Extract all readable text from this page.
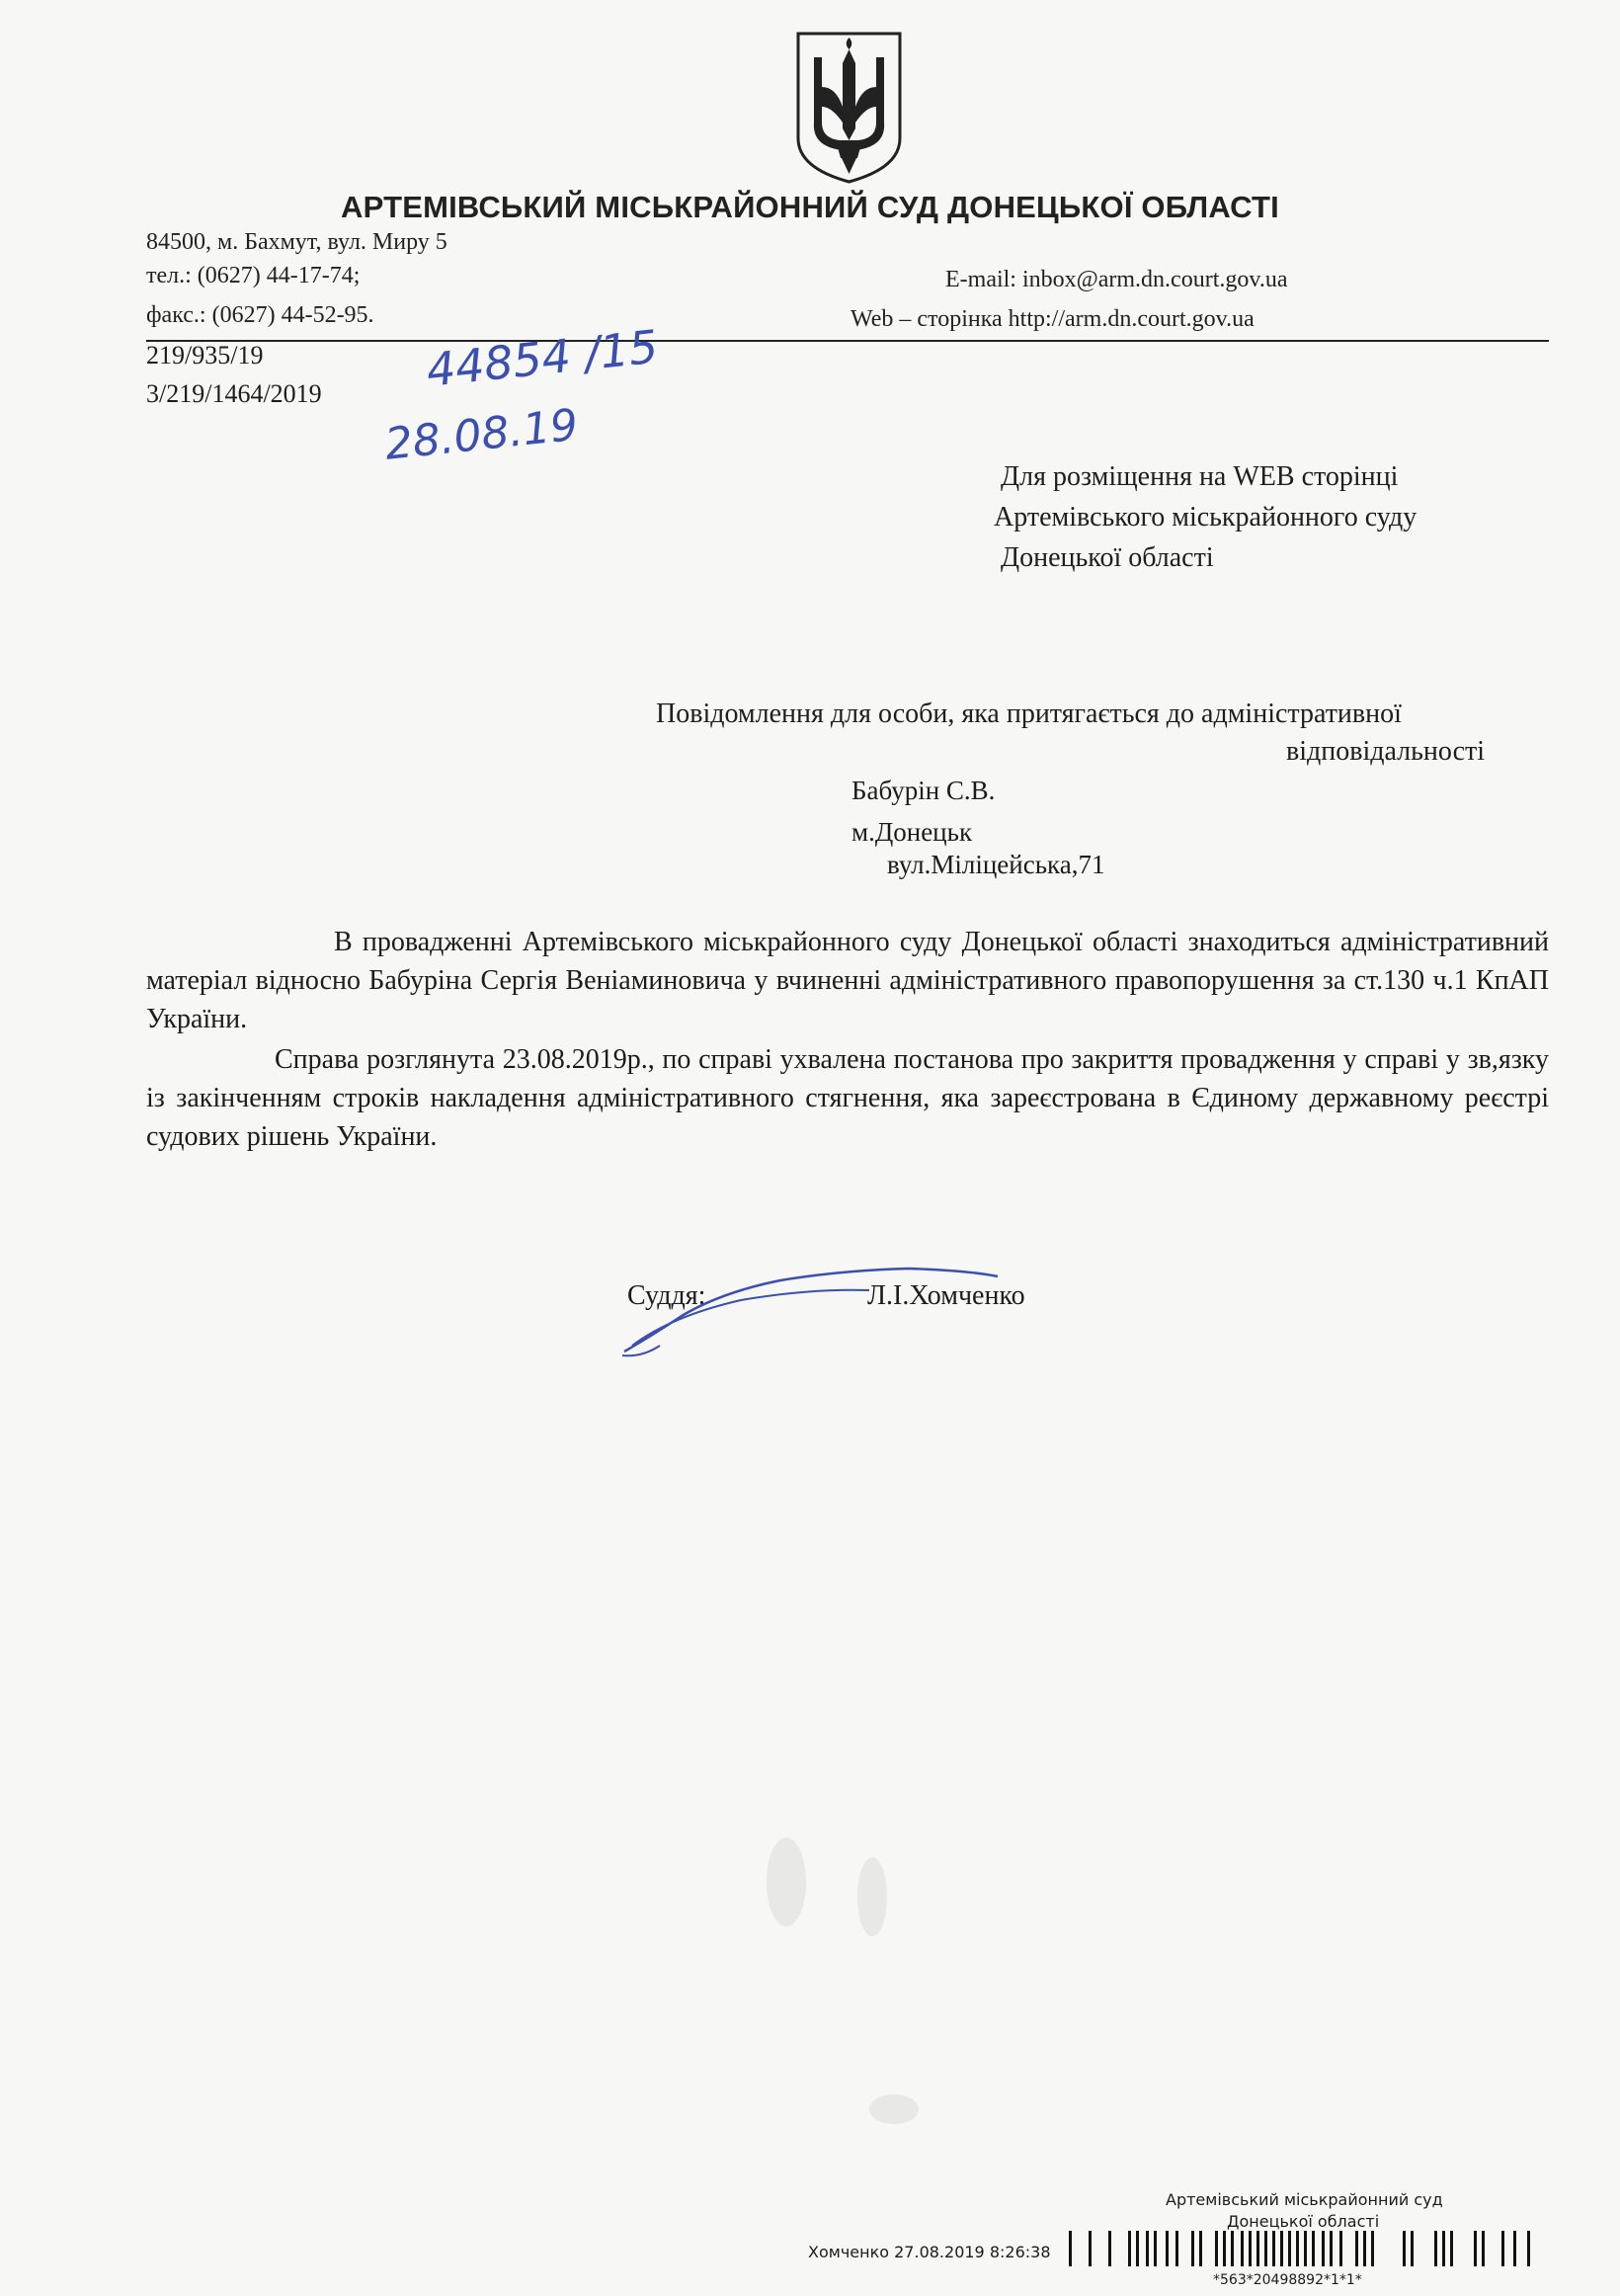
АРТЕМІВСЬКИЙ МІСЬКРАЙОННИЙ СУД ДОНЕЦЬКОЇ ОБЛАСТІ
84500, м. Бахмут, вул. Миру 5
тел.: (0627) 44-17-74;
факс.: (0627) 44-52-95.
E-mail: inbox@arm.dn.court.gov.ua
Web – сторінка http://arm.dn.court.gov.ua
219/935/19
3/219/1464/2019 44854 /15
28.08.19
Для розміщення на WEB сторінці
Артемівського міськрайонного суду
Донецької області
Повідомлення для особи, яка притягається до адміністративної
відповідальності
Бабурін С.В.
м.Донецьк
вул.Міліцейська,71
В провадженні Артемівського міськрайонного суду Донецької області знаходиться адміністративний матеріал відносно Бабуріна Сергія Веніаминовича у вчиненні адміністративного правопорушення за ст.130 ч.1 КпАП України.
Справа розглянута 23.08.2019р., по справі ухвалена постанова про закриття провадження у справі у зв,язку із закінченням строків накладення адміністративного стягнення, яка зареєстрована в Єдиному державному реєстрі судових рішень України.
Суддя:	Л.І.Хомченко
Артемівський міськрайонний суд
Донецької області
Хомченко 27.08.2019 8:26:38
*563*20498892*1*1*
